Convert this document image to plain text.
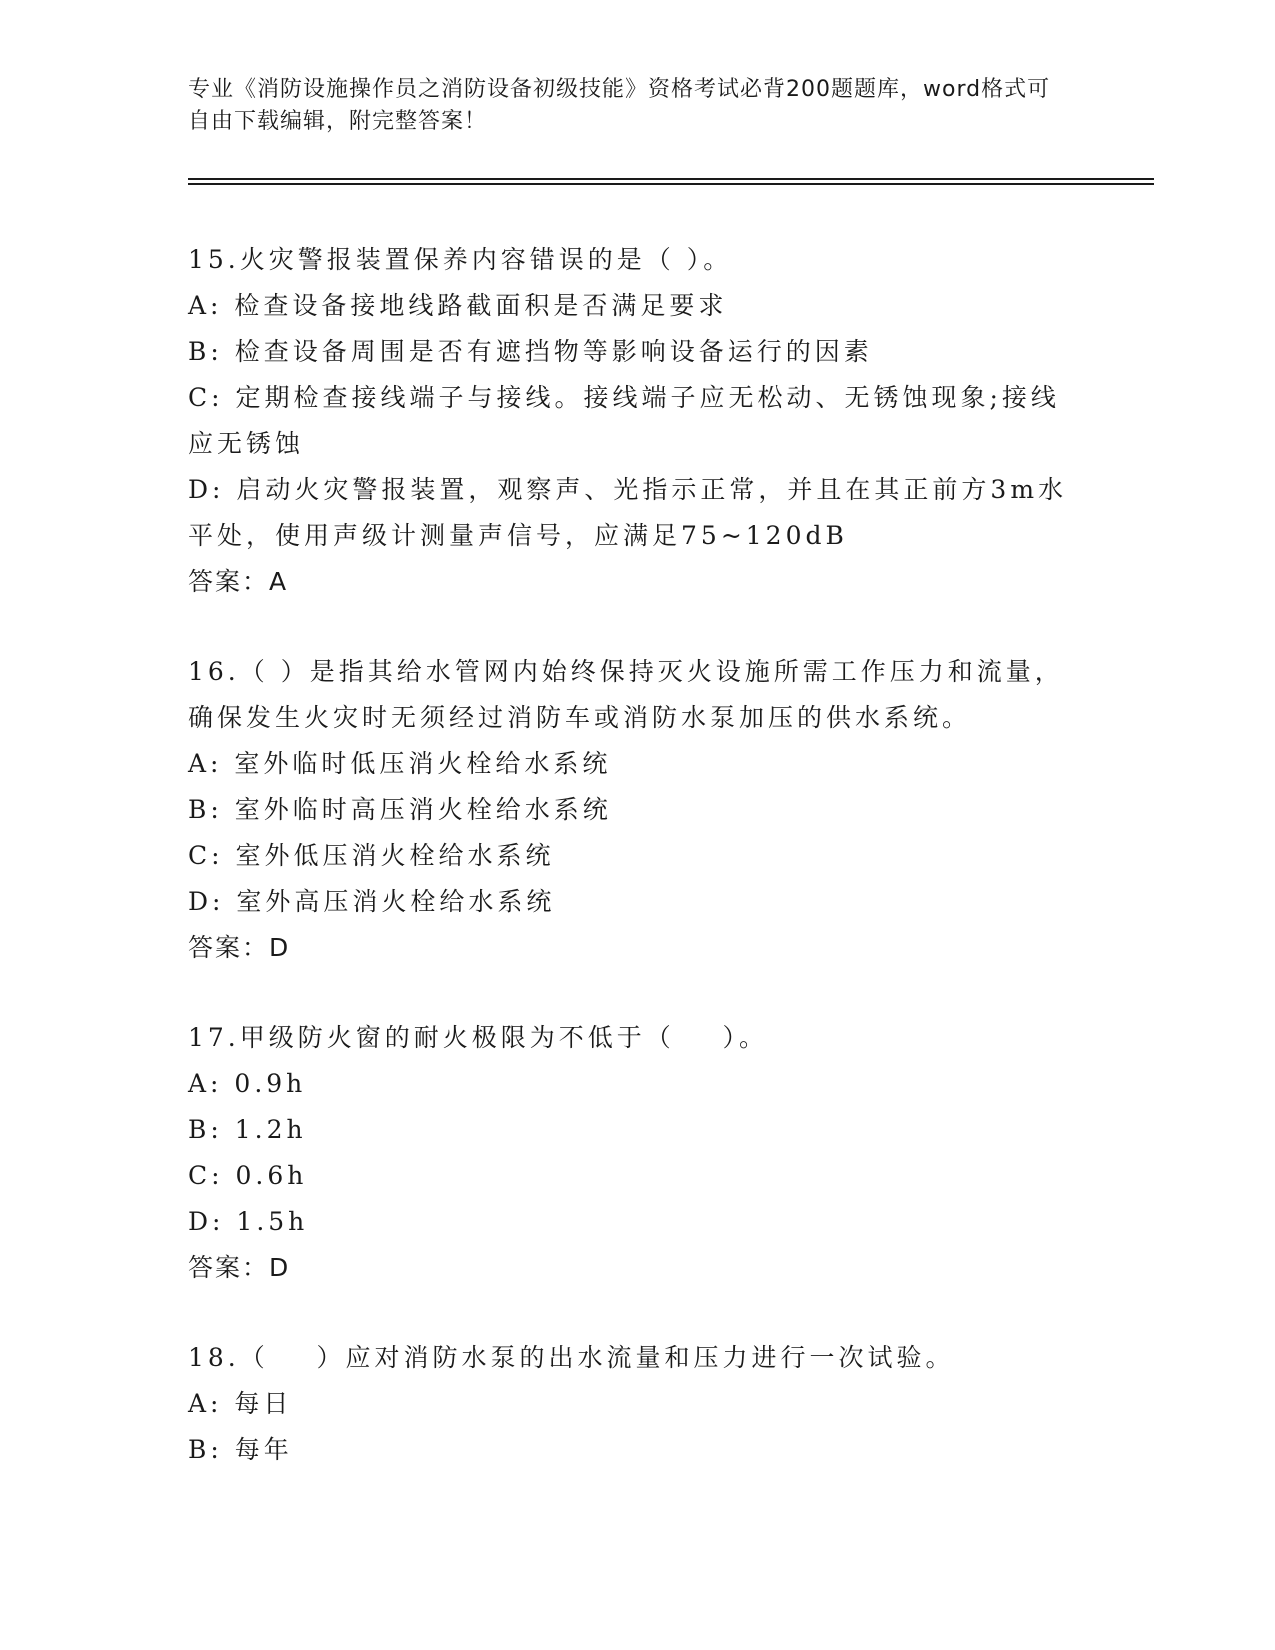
专业《消防设施操作员之消防设备初级技能》资格考试必背200题题库，word格式可自由下载编辑，附完整答案！
15.火灾警报装置保养内容错误的是（ ）。
A: 检查设备接地线路截面积是否满足要求
B: 检查设备周围是否有遮挡物等影响设备运行的因素
C: 定期检查接线端子与接线。接线端子应无松动、无锈蚀现象;接线应无锈蚀
D: 启动火灾警报装置，观察声、光指示正常，并且在其正前方3m水平处，使用声级计测量声信号，应满足75~120dB
答案：A
16.（ ）是指其给水管网内始终保持灭火设施所需工作压力和流量，确保发生火灾时无须经过消防车或消防水泵加压的供水系统。
A: 室外临时低压消火栓给水系统
B: 室外临时高压消火栓给水系统
C: 室外低压消火栓给水系统
D: 室外高压消火栓给水系统
答案：D
17.甲级防火窗的耐火极限为不低于（    ）。
A: 0.9h
B: 1.2h
C: 0.6h
D: 1.5h
答案：D
18.（    ）应对消防水泵的出水流量和压力进行一次试验。
A: 每日
B: 每年
